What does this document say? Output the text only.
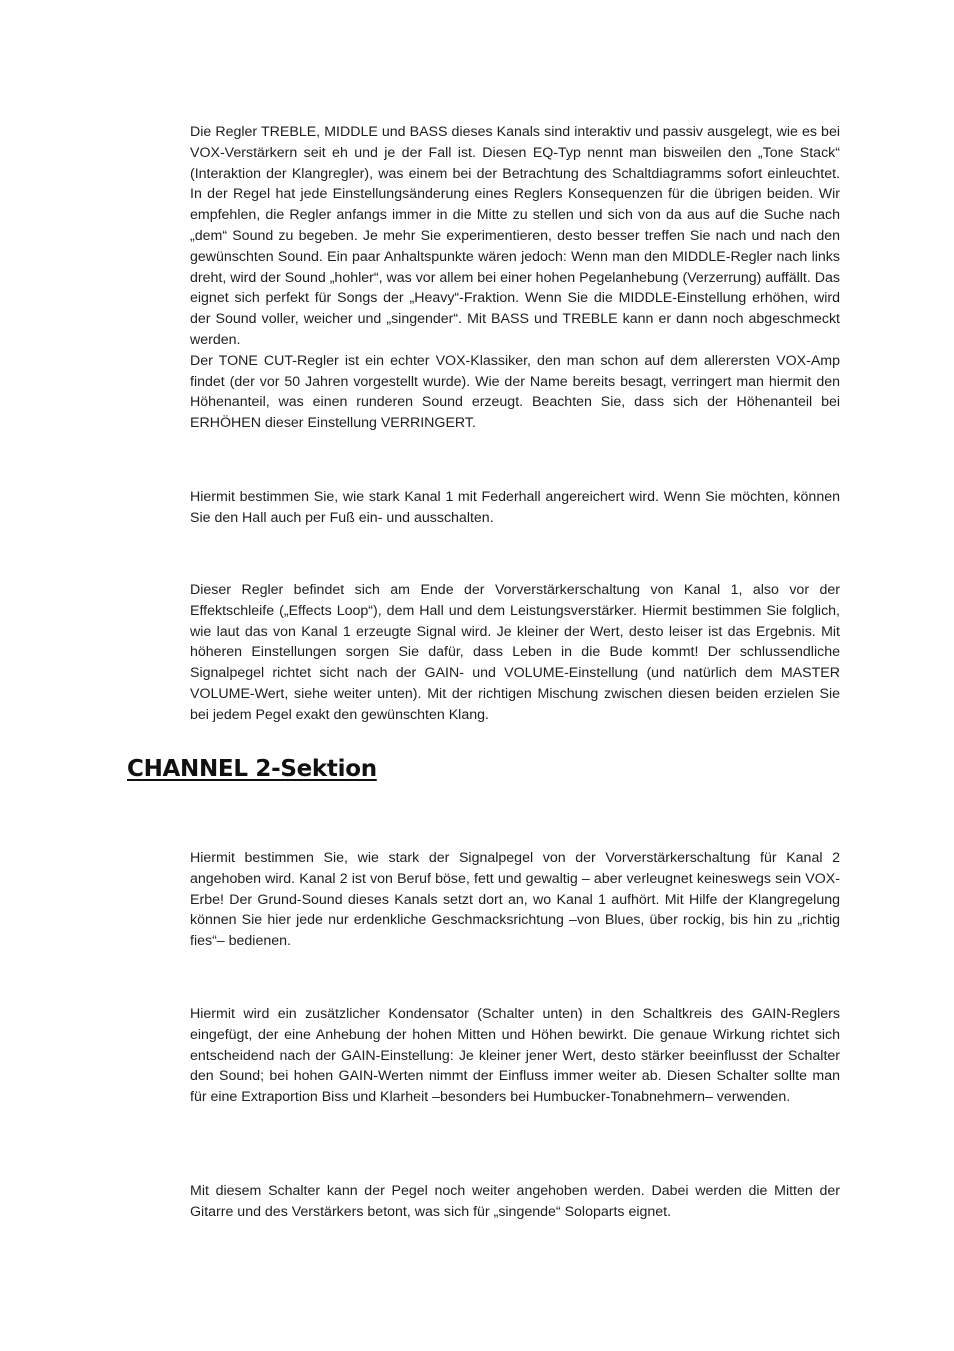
Die Regler TREBLE, MIDDLE und BASS dieses Kanals sind interaktiv und passiv ausgelegt, wie es bei VOX-Verstärkern seit eh und je der Fall ist. Diesen EQ-Typ nennt man bisweilen den „Tone Stack“ (Interaktion der Klangregler), was einem bei der Betrachtung des Schaltdiagramms sofort einleuchtet. In der Regel hat jede Einstellungsänderung eines Reglers Konsequenzen für die übrigen beiden. Wir empfehlen, die Regler anfangs immer in die Mitte zu stellen und sich von da aus auf die Suche nach „dem“ Sound zu begeben. Je mehr Sie experimentieren, desto besser treffen Sie nach und nach den gewünschten Sound. Ein paar Anhaltspunkte wären jedoch: Wenn man den MIDDLE-Regler nach links dreht, wird der Sound „hohler“, was vor allem bei einer hohen Pegelanhebung (Verzerrung) auffällt. Das eignet sich perfekt für Songs der „Heavy“-Fraktion. Wenn Sie die MIDDLE-Einstellung erhöhen, wird der Sound voller, weicher und „singender“. Mit BASS und TREBLE kann er dann noch abgeschmeckt werden.

Der TONE CUT-Regler ist ein echter VOX-Klassiker, den man schon auf dem allerersten VOX-Amp findet (der vor 50 Jahren vorgestellt wurde). Wie der Name bereits besagt, verringert man hiermit den Höhenanteil, was einen runderen Sound erzeugt. Beachten Sie, dass sich der Höhenanteil bei ERHÖHEN dieser Einstellung VERRINGERT.

Hiermit bestimmen Sie, wie stark Kanal 1 mit Federhall angereichert wird. Wenn Sie möchten, können Sie den Hall auch per Fuß ein- und ausschalten.

Dieser Regler befindet sich am Ende der Vorverstärkerschaltung von Kanal 1, also vor der Effektschleife („Effects Loop“), dem Hall und dem Leistungsverstärker. Hiermit bestimmen Sie folglich, wie laut das von Kanal 1 erzeugte Signal wird. Je kleiner der Wert, desto leiser ist das Ergebnis. Mit höheren Einstellungen sorgen Sie dafür, dass Leben in die Bude kommt! Der schlussendliche Signalpegel richtet sicht nach der GAIN- und VOLUME-Einstellung (und natürlich dem MASTER VOLUME-Wert, siehe weiter unten). Mit der richtigen Mischung zwischen diesen beiden erzielen Sie bei jedem Pegel exakt den gewünschten Klang.

CHANNEL 2-Sektion

Hiermit bestimmen Sie, wie stark der Signalpegel von der Vorverstärkerschaltung für Kanal 2 angehoben wird. Kanal 2 ist von Beruf böse, fett und gewaltig – aber verleugnet keineswegs sein VOX-Erbe! Der Grund-Sound dieses Kanals setzt dort an, wo Kanal 1 aufhört. Mit Hilfe der Klangregelung können Sie hier jede nur erdenkliche Geschmacksrichtung –von Blues, über rockig, bis hin zu „richtig fies“– bedienen.

Hiermit wird ein zusätzlicher Kondensator (Schalter unten) in den Schaltkreis des GAIN-Reglers eingefügt, der eine Anhebung der hohen Mitten und Höhen bewirkt. Die genaue Wirkung richtet sich entscheidend nach der GAIN-Einstellung: Je kleiner jener Wert, desto stärker beeinflusst der Schalter den Sound; bei hohen GAIN-Werten nimmt der Einfluss immer weiter ab. Diesen Schalter sollte man für eine Extraportion Biss und Klarheit –besonders bei Humbucker-Tonabnehmern– verwenden.

Mit diesem Schalter kann der Pegel noch weiter angehoben werden. Dabei werden die Mitten der Gitarre und des Verstärkers betont, was sich für „singende“ Soloparts eignet.
